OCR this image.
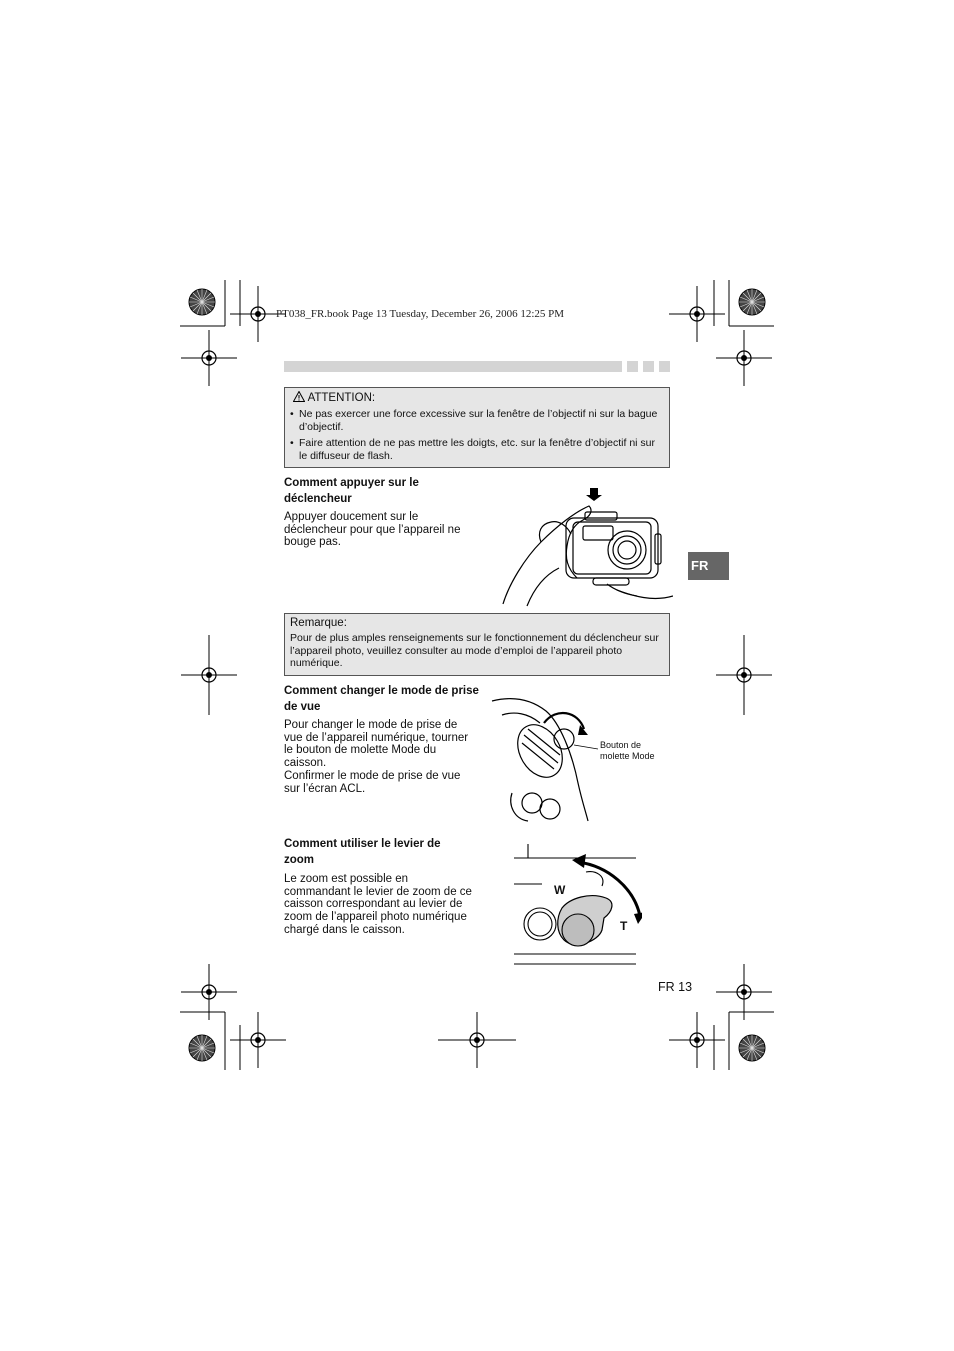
PT038_FR.book Page 13 Tuesday, December 26, 2006 12:25 PM
ATTENTION:
• Ne pas exercer une force excessive sur la fenêtre de l’objectif ni sur la bague d’objectif.
• Faire attention de ne pas mettre les doigts, etc. sur la fenêtre d’objectif ni sur le diffuseur de flash.
Comment appuyer sur le déclencheur
Appuyer doucement sur le déclencheur pour que l’appareil ne bouge pas.
FR
Remarque:
Pour de plus amples renseignements sur le fonctionnement du déclencheur sur l’appareil photo, veuillez consulter au mode d’emploi de l’appareil photo numérique.
Comment changer le mode de prise de vue
Pour changer le mode de prise de vue de l’appareil numérique, tourner le bouton de molette Mode du caisson.
Confirmer le mode de prise de vue sur l’écran ACL.
Bouton de molette Mode
Comment utiliser le levier de zoom
Le zoom est possible en commandant le levier de zoom de ce caisson correspondant au levier de zoom de l’appareil photo numérique chargé dans le caisson.
W
T
FR 13
